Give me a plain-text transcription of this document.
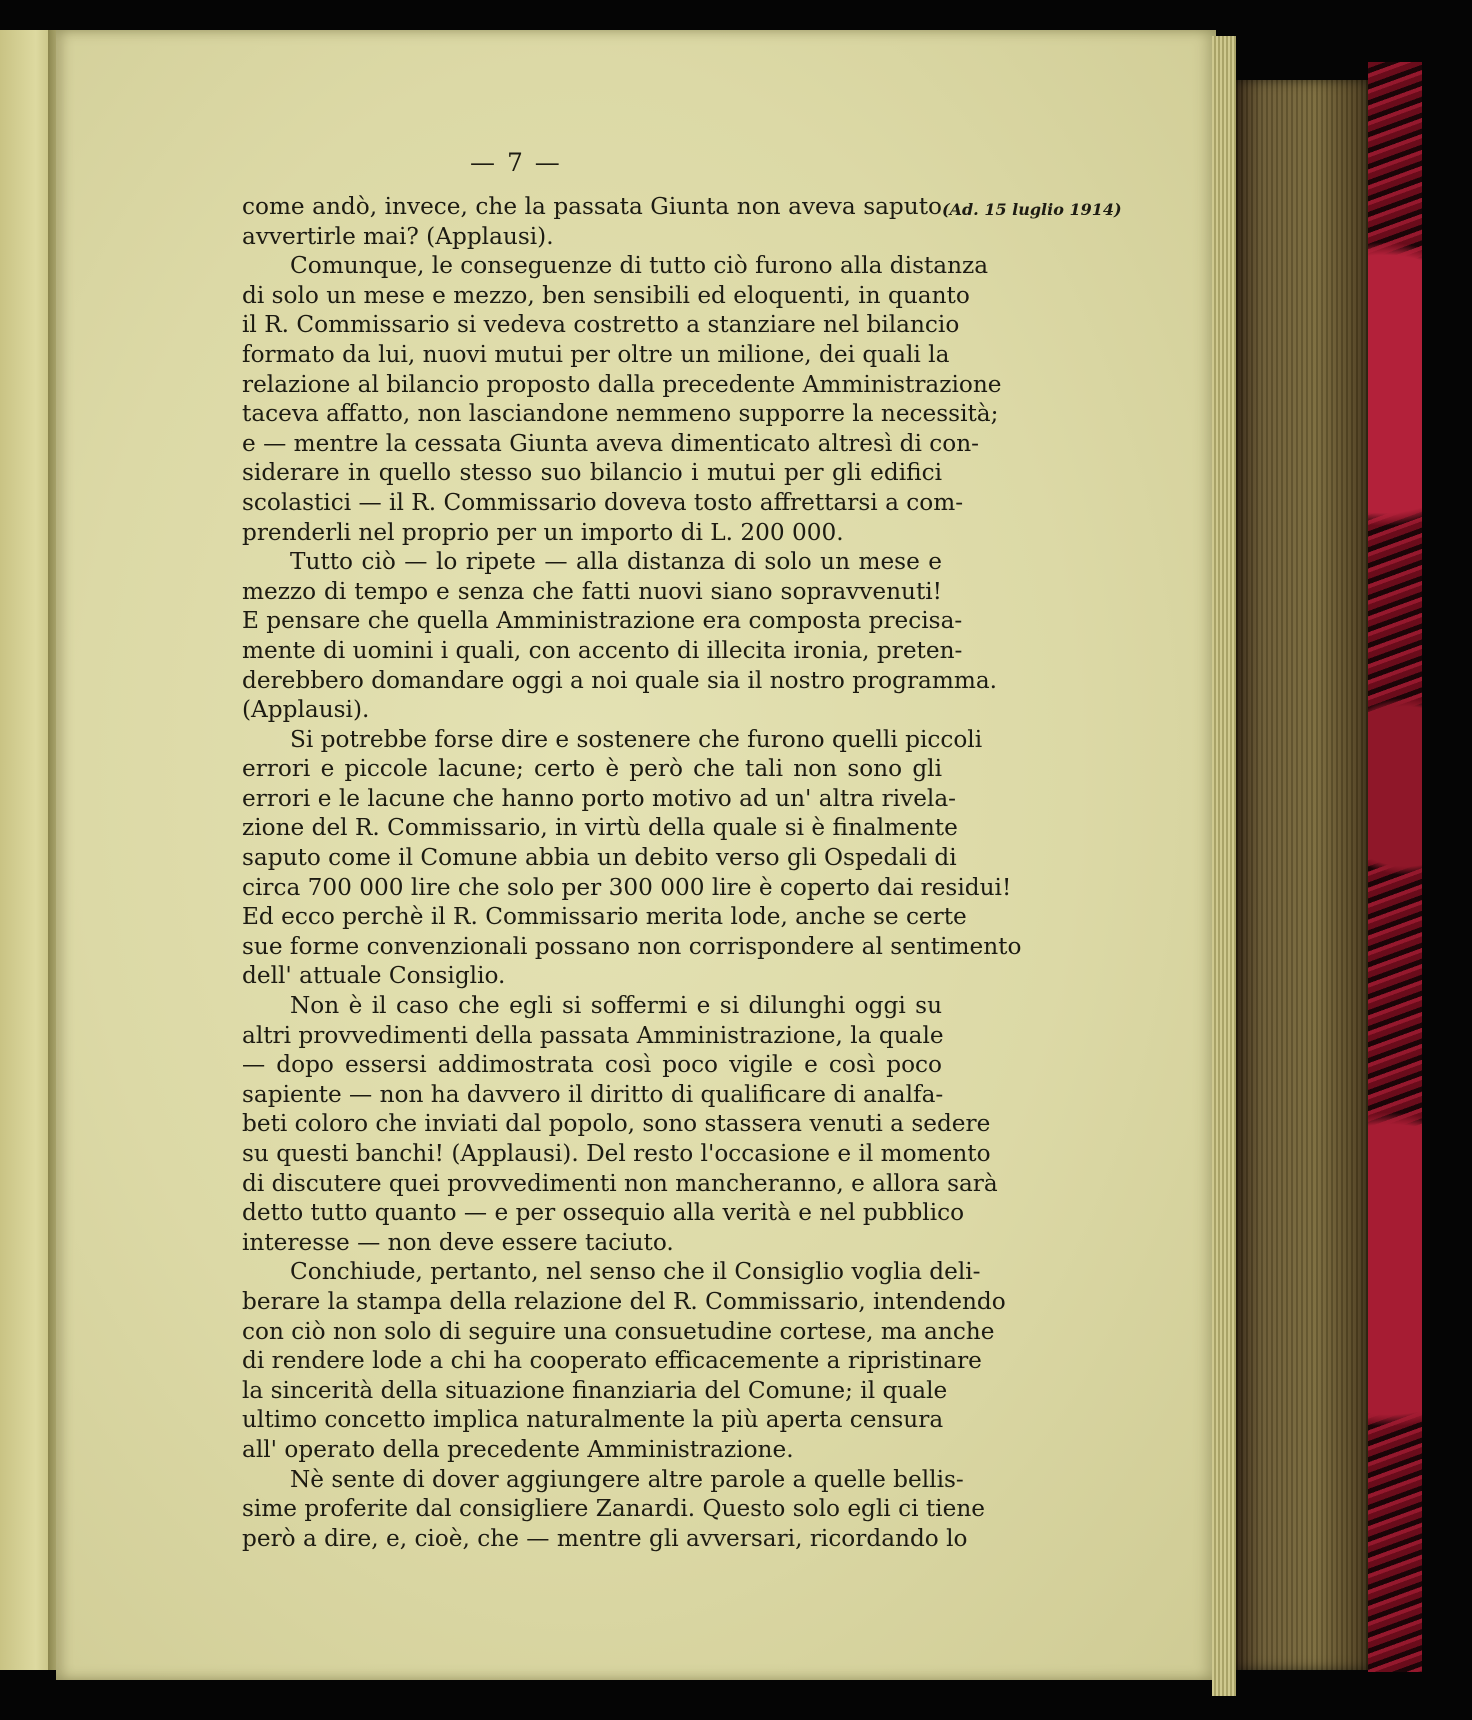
— 7 —
(Ad. 15 luglio 1914)
come andò, invece, che la passata Giunta non aveva saputo
avvertirle mai? (Applausi).
Comunque, le conseguenze di tutto ciò furono alla distanza
di solo un mese e mezzo, ben sensibili ed eloquenti, in quanto
il R. Commissario si vedeva costretto a stanziare nel bilancio
formato da lui, nuovi mutui per oltre un milione, dei quali la
relazione al bilancio proposto dalla precedente Amministrazione
taceva affatto, non lasciandone nemmeno supporre la necessità;
e — mentre la cessata Giunta aveva dimenticato altresì di con-
siderare in quello stesso suo bilancio i mutui per gli edifici
scolastici — il R. Commissario doveva tosto affrettarsi a com-
prenderli nel proprio per un importo di L. 200 000.
Tutto ciò — lo ripete — alla distanza di solo un mese e
mezzo di tempo e senza che fatti nuovi siano sopravvenuti!
E pensare che quella Amministrazione era composta precisa-
mente di uomini i quali, con accento di illecita ironia, preten-
derebbero domandare oggi a noi quale sia il nostro programma.
(Applausi).
Si potrebbe forse dire e sostenere che furono quelli piccoli
errori e piccole lacune; certo è però che tali non sono gli
errori e le lacune che hanno porto motivo ad un' altra rivela-
zione del R. Commissario, in virtù della quale si è finalmente
saputo come il Comune abbia un debito verso gli Ospedali di
circa 700 000 lire che solo per 300 000 lire è coperto dai residui!
Ed ecco perchè il R. Commissario merita lode, anche se certe
sue forme convenzionali possano non corrispondere al sentimento
dell' attuale Consiglio.
Non è il caso che egli si soffermi e si dilunghi oggi su
altri provvedimenti della passata Amministrazione, la quale
— dopo essersi addimostrata così poco vigile e così poco
sapiente — non ha davvero il diritto di qualificare di analfa-
beti coloro che inviati dal popolo, sono stassera venuti a sedere
su questi banchi! (Applausi). Del resto l'occasione e il momento
di discutere quei provvedimenti non mancheranno, e allora sarà
detto tutto quanto — e per ossequio alla verità e nel pubblico
interesse — non deve essere taciuto.
Conchiude, pertanto, nel senso che il Consiglio voglia deli-
berare la stampa della relazione del R. Commissario, intendendo
con ciò non solo di seguire una consuetudine cortese, ma anche
di rendere lode a chi ha cooperato efficacemente a ripristinare
la sincerità della situazione finanziaria del Comune; il quale
ultimo concetto implica naturalmente la più aperta censura
all' operato della precedente Amministrazione.
Nè sente di dover aggiungere altre parole a quelle bellis-
sime proferite dal consigliere Zanardi. Questo solo egli ci tiene
però a dire, e, cioè, che — mentre gli avversari, ricordando lo
